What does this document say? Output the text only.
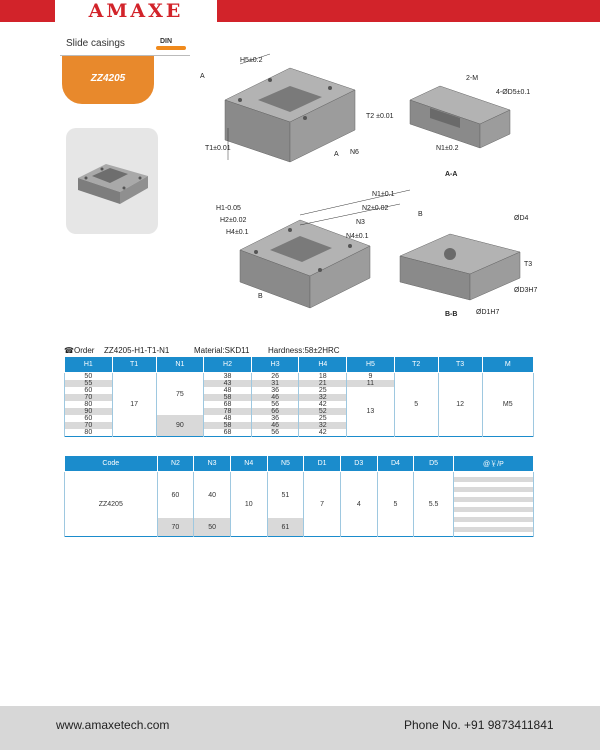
AMAXE
Slide casings	DIN
ZZ4205
H5±0.2
A
A N6
T1±0.01
T2 ±0.01
2-M
4-ØD5±0.1
N1±0.2
A-A
N1±0.1
N2±0.02
N3
N4±0.1
H1-0.05
H2±0.02
H4±0.1
B
B
ØD4
T3
ØD3H7
ØD1H7
B-B
☎ Order ZZ4205-H1-T1-N1	Material:SKD11 Hardness:58±2HRC
H1	T1	N1	H2	H3	H4	H5	T2	T3	M
50	17	75	38	26	18	9	5	12	M5
55			43	31	21	11			
60			48	36	25	13			
70			58	46	32				
80			68	56	42				
90			78	66	52				
60		90	48	36	25				
70			58	46	32				
80			68	56	42				
Code	N2	N3	N4	N5	D1	D3	D4	D5	@￥/P
ZZ4205	60	40	10	51	7	4	5	5.5	

	70	50		61					
www.amaxetech.com	Phone No. +91 9873411841
